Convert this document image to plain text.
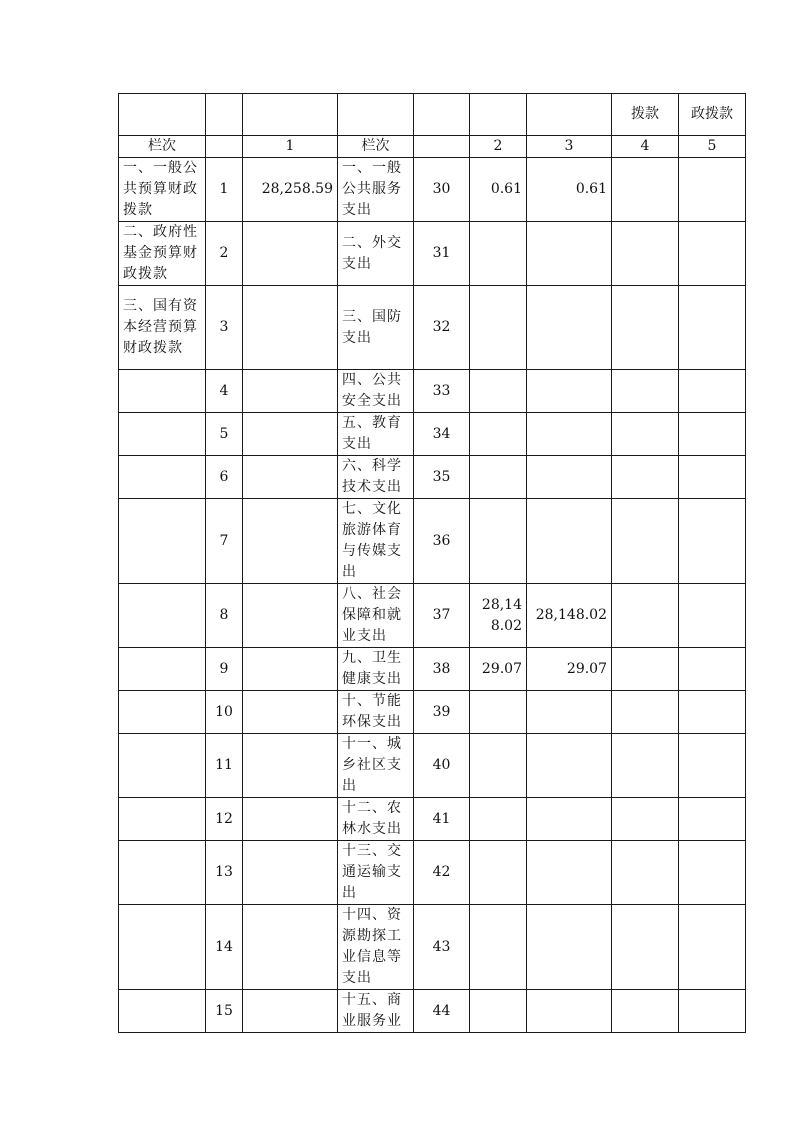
							拨款	政拨款
栏次		1	栏次		2	3	4	5
一、一般公共预算财政拨款	1	28,258.59	一、一般公共服务支出	30	0.61	0.61		
二、政府性基金预算财政拨款	2		二、外交支出	31				
三、国有资本经营预算财政拨款	3		三、国防支出	32				
	4		四、公共安全支出	33				
	5		五、教育支出	34				
	6		六、科学技术支出	35				
	7		七、文化旅游体育与传媒支出	36				
	8		八、社会保障和就业支出	37	28,148.02	28,148.02		
	9		九、卫生健康支出	38	29.07	29.07		
	10		十、节能环保支出	39				
	11		十一、城乡社区支出	40				
	12		十二、农林水支出	41				
	13		十三、交通运输支出	42				
	14		十四、资源勘探工业信息等支出	43				
	15		十五、商业服务业	44				
